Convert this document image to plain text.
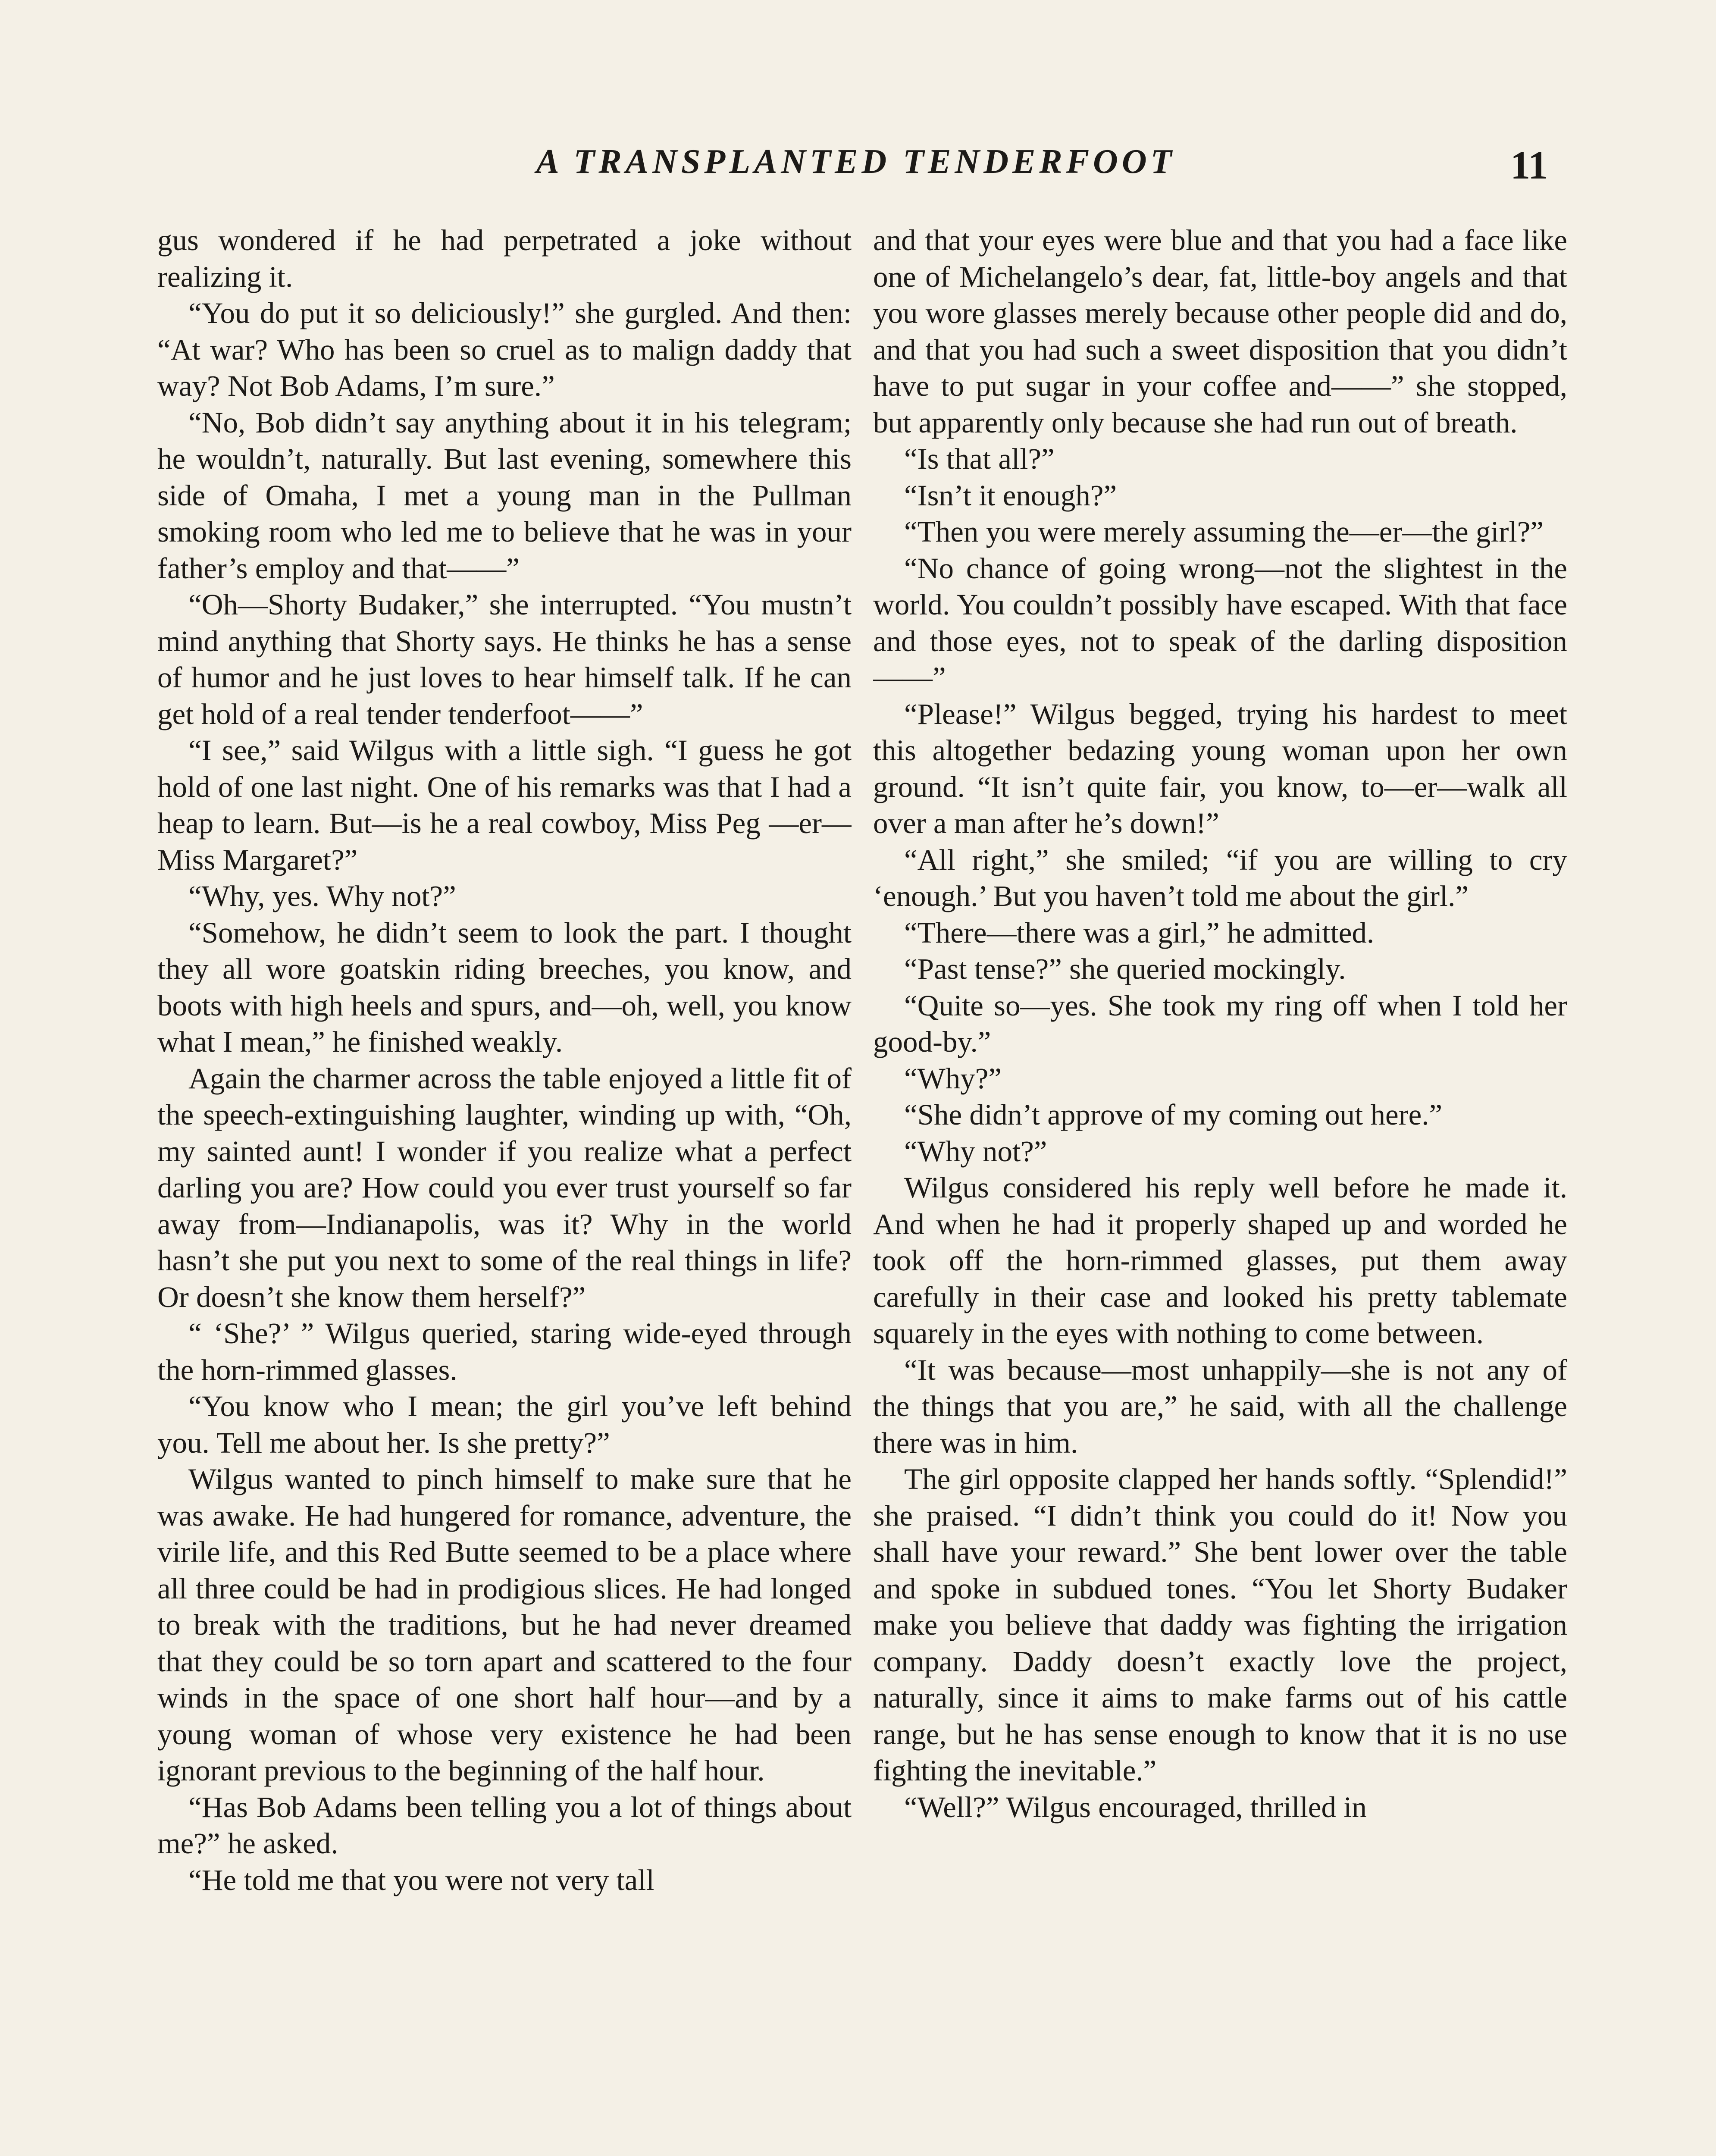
A TRANSPLANTED TENDERFOOT	11

gus wondered if he had perpetrated a joke without realizing it.

“You do put it so deliciously!” she gurgled. And then: “At war? Who has been so cruel as to malign daddy that way? Not Bob Adams, I’m sure.”

“No, Bob didn’t say anything about it in his telegram; he wouldn’t, naturally. But last evening, somewhere this side of Omaha, I met a young man in the Pullman smoking room who led me to believe that he was in your father’s employ and that——”

“Oh—Shorty Budaker,” she interrupted. “You mustn’t mind anything that Shorty says. He thinks he has a sense of humor and he just loves to hear himself talk. If he can get hold of a real tender tenderfoot——”

“I see,” said Wilgus with a little sigh. “I guess he got hold of one last night. One of his remarks was that I had a heap to learn. But—is he a real cowboy, Miss Peg —er—Miss Margaret?”

“Why, yes. Why not?”

“Somehow, he didn’t seem to look the part. I thought they all wore goatskin riding breeches, you know, and boots with high heels and spurs, and—oh, well, you know what I mean,” he finished weakly.

Again the charmer across the table enjoyed a little fit of the speech-extinguishing laughter, winding up with, “Oh, my sainted aunt! I wonder if you realize what a perfect darling you are? How could you ever trust yourself so far away from—Indianapolis, was it? Why in the world hasn’t she put you next to some of the real things in life? Or doesn’t she know them herself?”

“ ‘She?’ ” Wilgus queried, staring wide-eyed through the horn-rimmed glasses.

“You know who I mean; the girl you’ve left behind you. Tell me about her. Is she pretty?”

Wilgus wanted to pinch himself to make sure that he was awake. He had hungered for romance, adventure, the virile life, and this Red Butte seemed to be a place where all three could be had in prodigious slices. He had longed to break with the traditions, but he had never dreamed that they could be so torn apart and scattered to the four winds in the space of one short half hour—and by a young woman of whose very existence he had been ignorant previous to the beginning of the half hour.

“Has Bob Adams been telling you a lot of things about me?” he asked.

“He told me that you were not very tall

and that your eyes were blue and that you had a face like one of Michelangelo’s dear, fat, little-boy angels and that you wore glasses merely because other people did and do, and that you had such a sweet disposition that you didn’t have to put sugar in your coffee and——” she stopped, but apparently only because she had run out of breath.

“Is that all?”

“Isn’t it enough?”

“Then you were merely assuming the—er—the girl?”

“No chance of going wrong—not the slightest in the world. You couldn’t possibly have escaped. With that face and those eyes, not to speak of the darling disposition——”

“Please!” Wilgus begged, trying his hardest to meet this altogether bedazing young woman upon her own ground. “It isn’t quite fair, you know, to—er—walk all over a man after he’s down!”

“All right,” she smiled; “if you are willing to cry ‘enough.’ But you haven’t told me about the girl.”

“There—there was a girl,” he admitted.

“Past tense?” she queried mockingly.

“Quite so—yes. She took my ring off when I told her good-by.”

“Why?”

“She didn’t approve of my coming out here.”

“Why not?”

Wilgus considered his reply well before he made it. And when he had it properly shaped up and worded he took off the horn-rimmed glasses, put them away carefully in their case and looked his pretty tablemate squarely in the eyes with nothing to come between.

“It was because—most unhappily—she is not any of the things that you are,” he said, with all the challenge there was in him.

The girl opposite clapped her hands softly. “Splendid!” she praised. “I didn’t think you could do it! Now you shall have your reward.” She bent lower over the table and spoke in subdued tones. “You let Shorty Budaker make you believe that daddy was fighting the irrigation company. Daddy doesn’t exactly love the project, naturally, since it aims to make farms out of his cattle range, but he has sense enough to know that it is no use fighting the inevitable.”

“Well?” Wilgus encouraged, thrilled in
